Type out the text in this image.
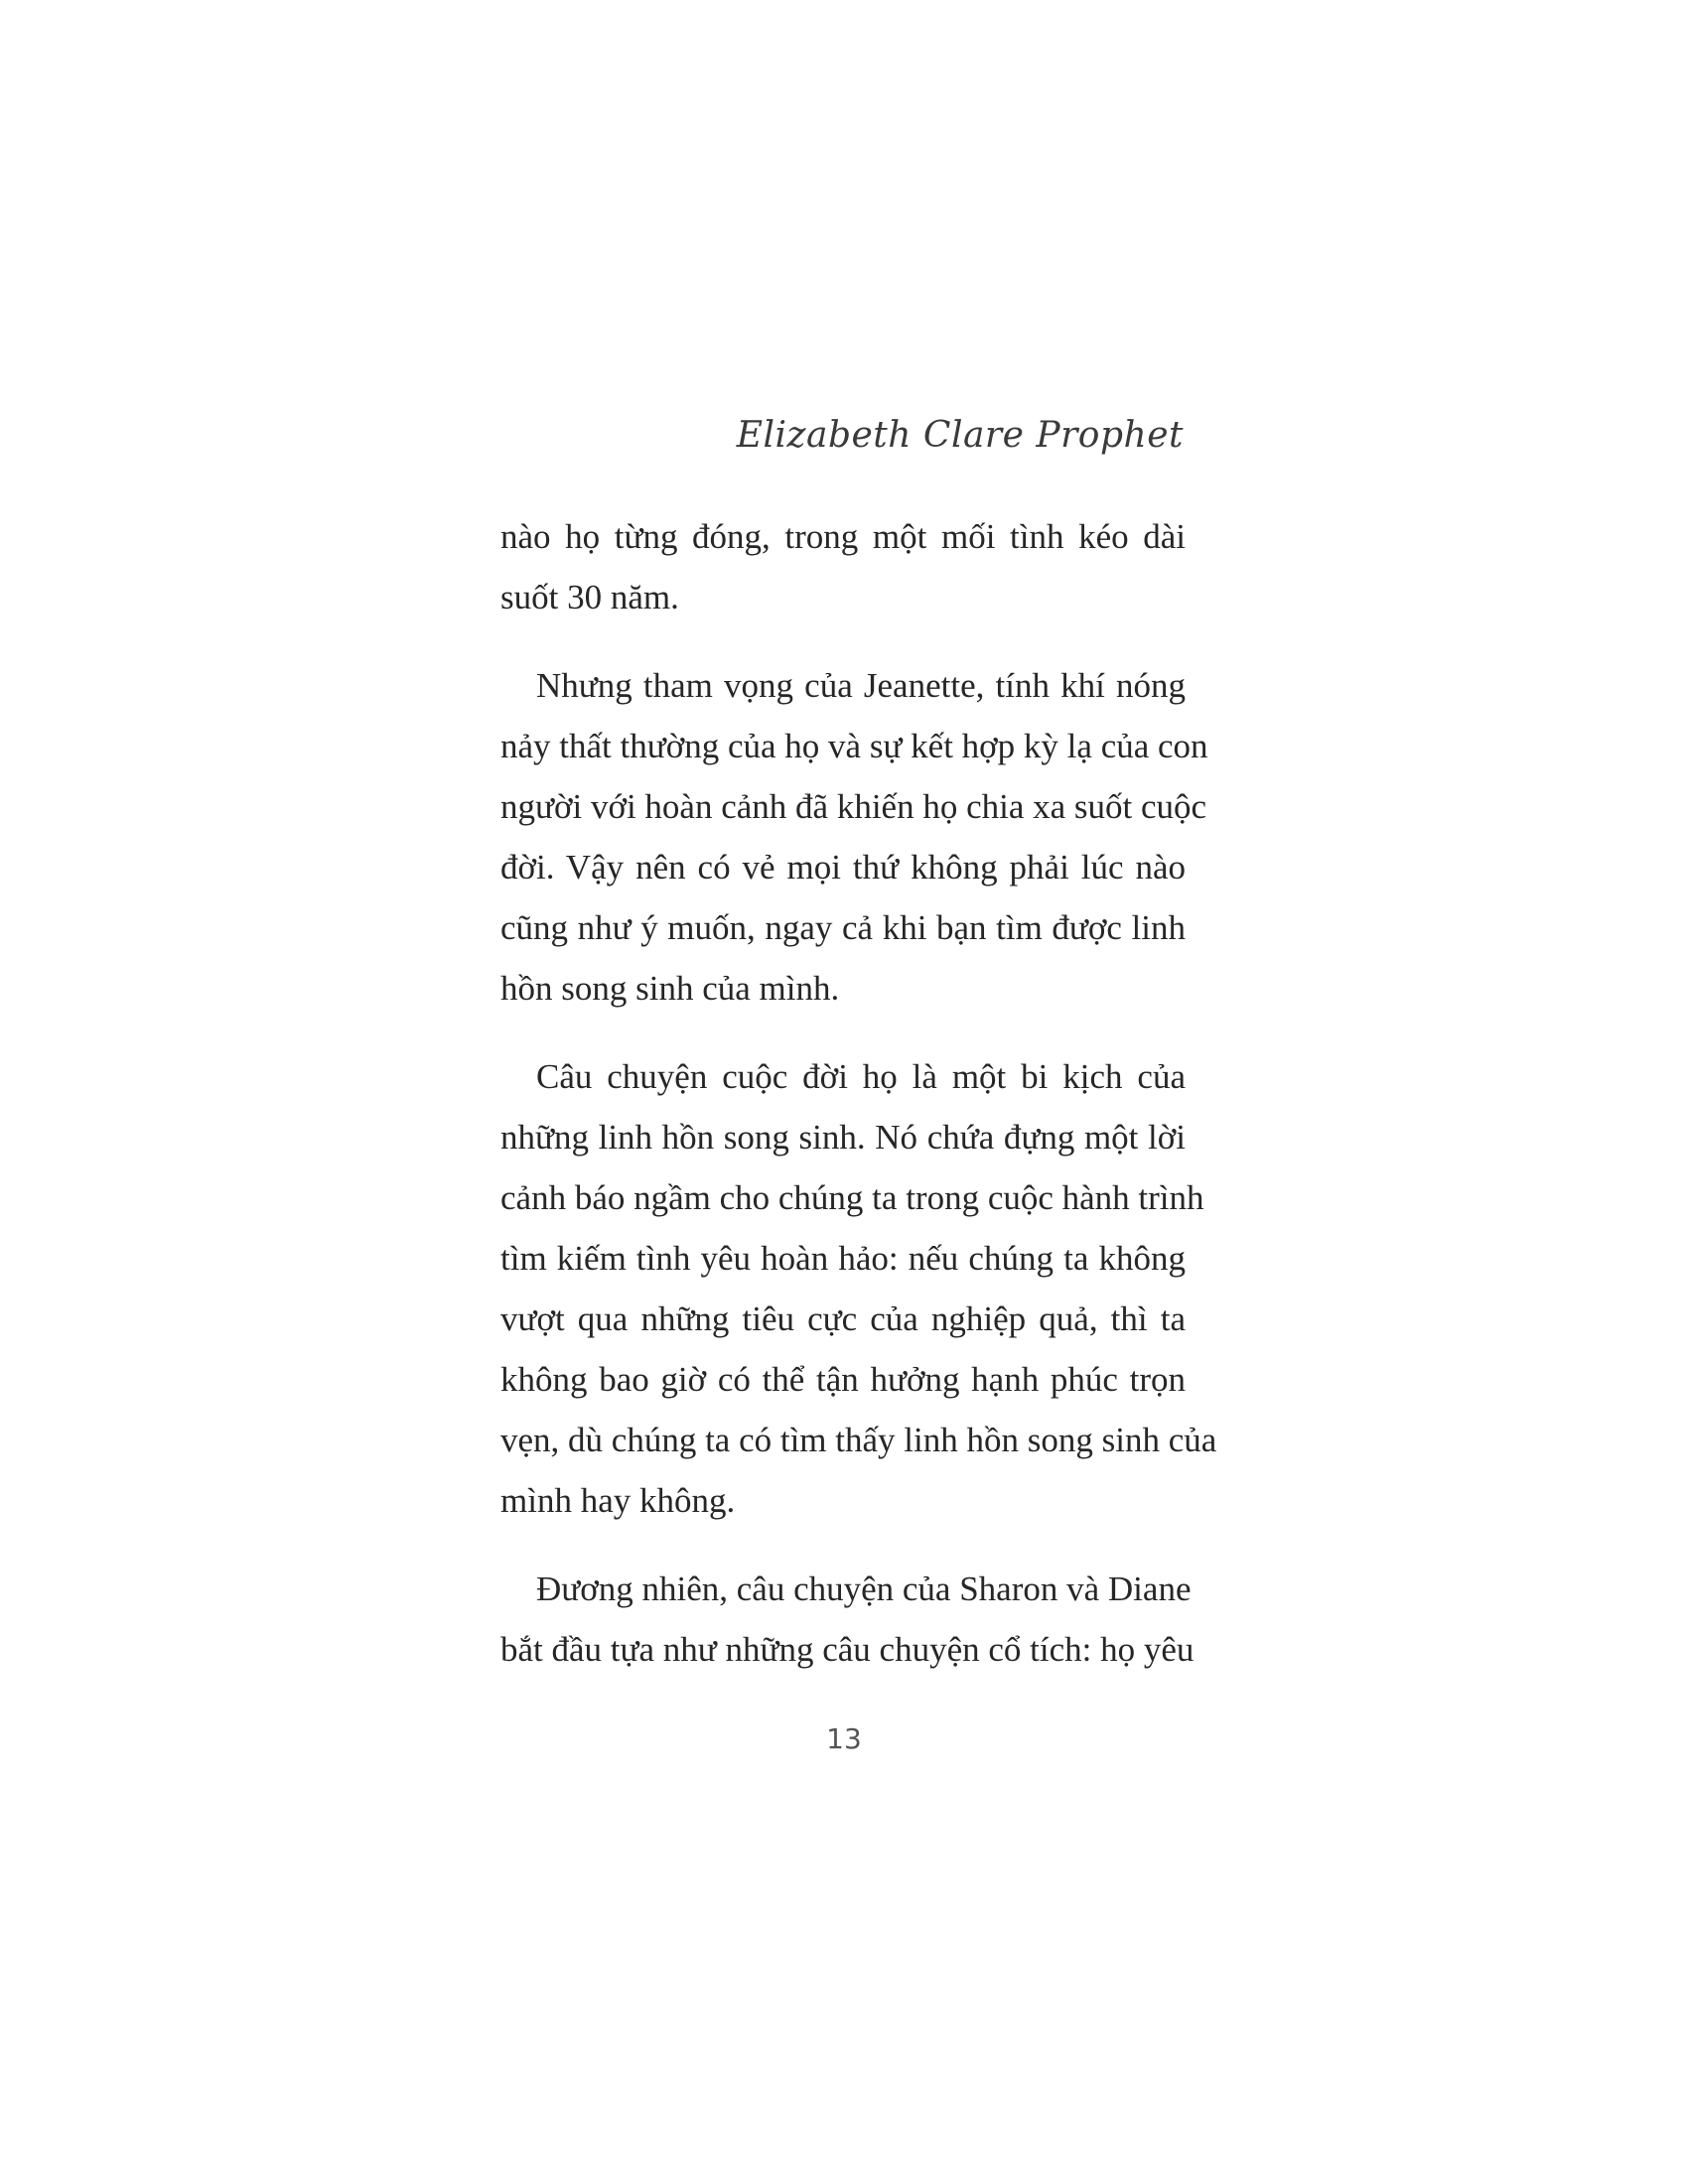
Elizabeth Clare Prophet
nào họ từng đóng, trong một mối tình kéo dài
suốt 30 năm.
Nhưng tham vọng của Jeanette, tính khí nóng
nảy thất thường của họ và sự kết hợp kỳ lạ của con
người với hoàn cảnh đã khiến họ chia xa suốt cuộc
đời. Vậy nên có vẻ mọi thứ không phải lúc nào
cũng như ý muốn, ngay cả khi bạn tìm được linh
hồn song sinh của mình.
Câu chuyện cuộc đời họ là một bi kịch của
những linh hồn song sinh. Nó chứa đựng một lời
cảnh báo ngầm cho chúng ta trong cuộc hành trình
tìm kiếm tình yêu hoàn hảo: nếu chúng ta không
vượt qua những tiêu cực của nghiệp quả, thì ta
không bao giờ có thể tận hưởng hạnh phúc trọn
vẹn, dù chúng ta có tìm thấy linh hồn song sinh của
mình hay không.
Đương nhiên, câu chuyện của Sharon và Diane
bắt đầu tựa như những câu chuyện cổ tích: họ yêu
13
